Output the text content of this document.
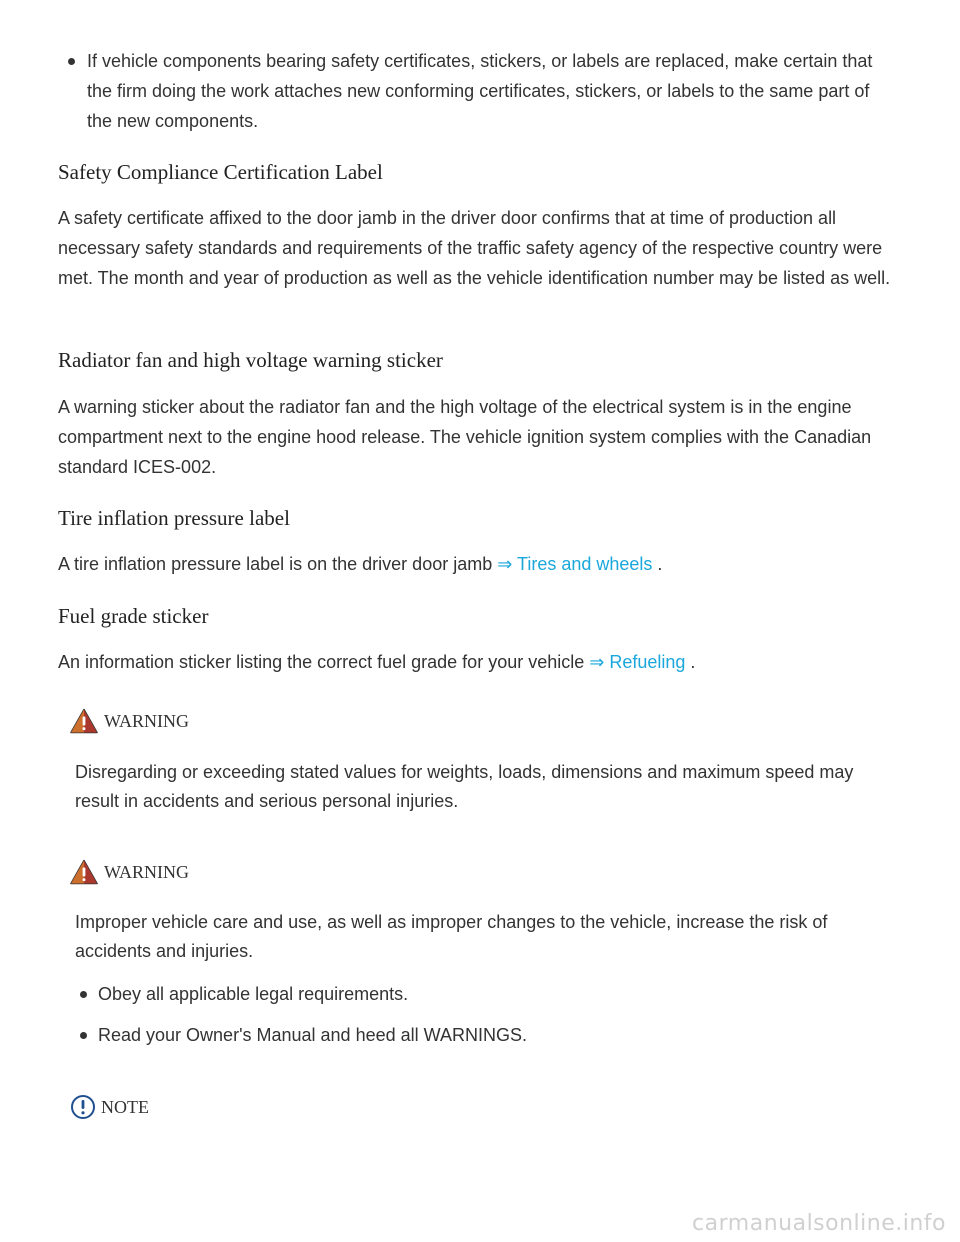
If vehicle components bearing safety certificates, stickers, or labels are replaced, make certain that the firm doing the work attaches new conforming certificates, stickers, or labels to the same part of the new components.
Safety Compliance Certification Label

A safety certificate affixed to the door jamb in the driver door confirms that at time of production all necessary safety standards and requirements of the traffic safety agency of the respective country were met. The month and year of production as well as the vehicle identification number may be listed as well.

Radiator fan and high voltage warning sticker

A warning sticker about the radiator fan and the high voltage of the electrical system is in the engine compartment next to the engine hood release. The vehicle ignition system complies with the Canadian standard ICES-002.

Tire inflation pressure label

A tire inflation pressure label is on the driver door jamb ⇒ Tires and wheels .

Fuel grade sticker

An information sticker listing the correct fuel grade for your vehicle ⇒ Refueling .

WARNING

Disregarding or exceeding stated values for weights, loads, dimensions and maximum speed may result in accidents and serious personal injuries.

WARNING

Improper vehicle care and use, as well as improper changes to the vehicle, increase the risk of accidents and injuries.

Obey all applicable legal requirements.
Read your Owner's Manual and heed all WARNINGS.
NOTE
carmanualsonline.info
